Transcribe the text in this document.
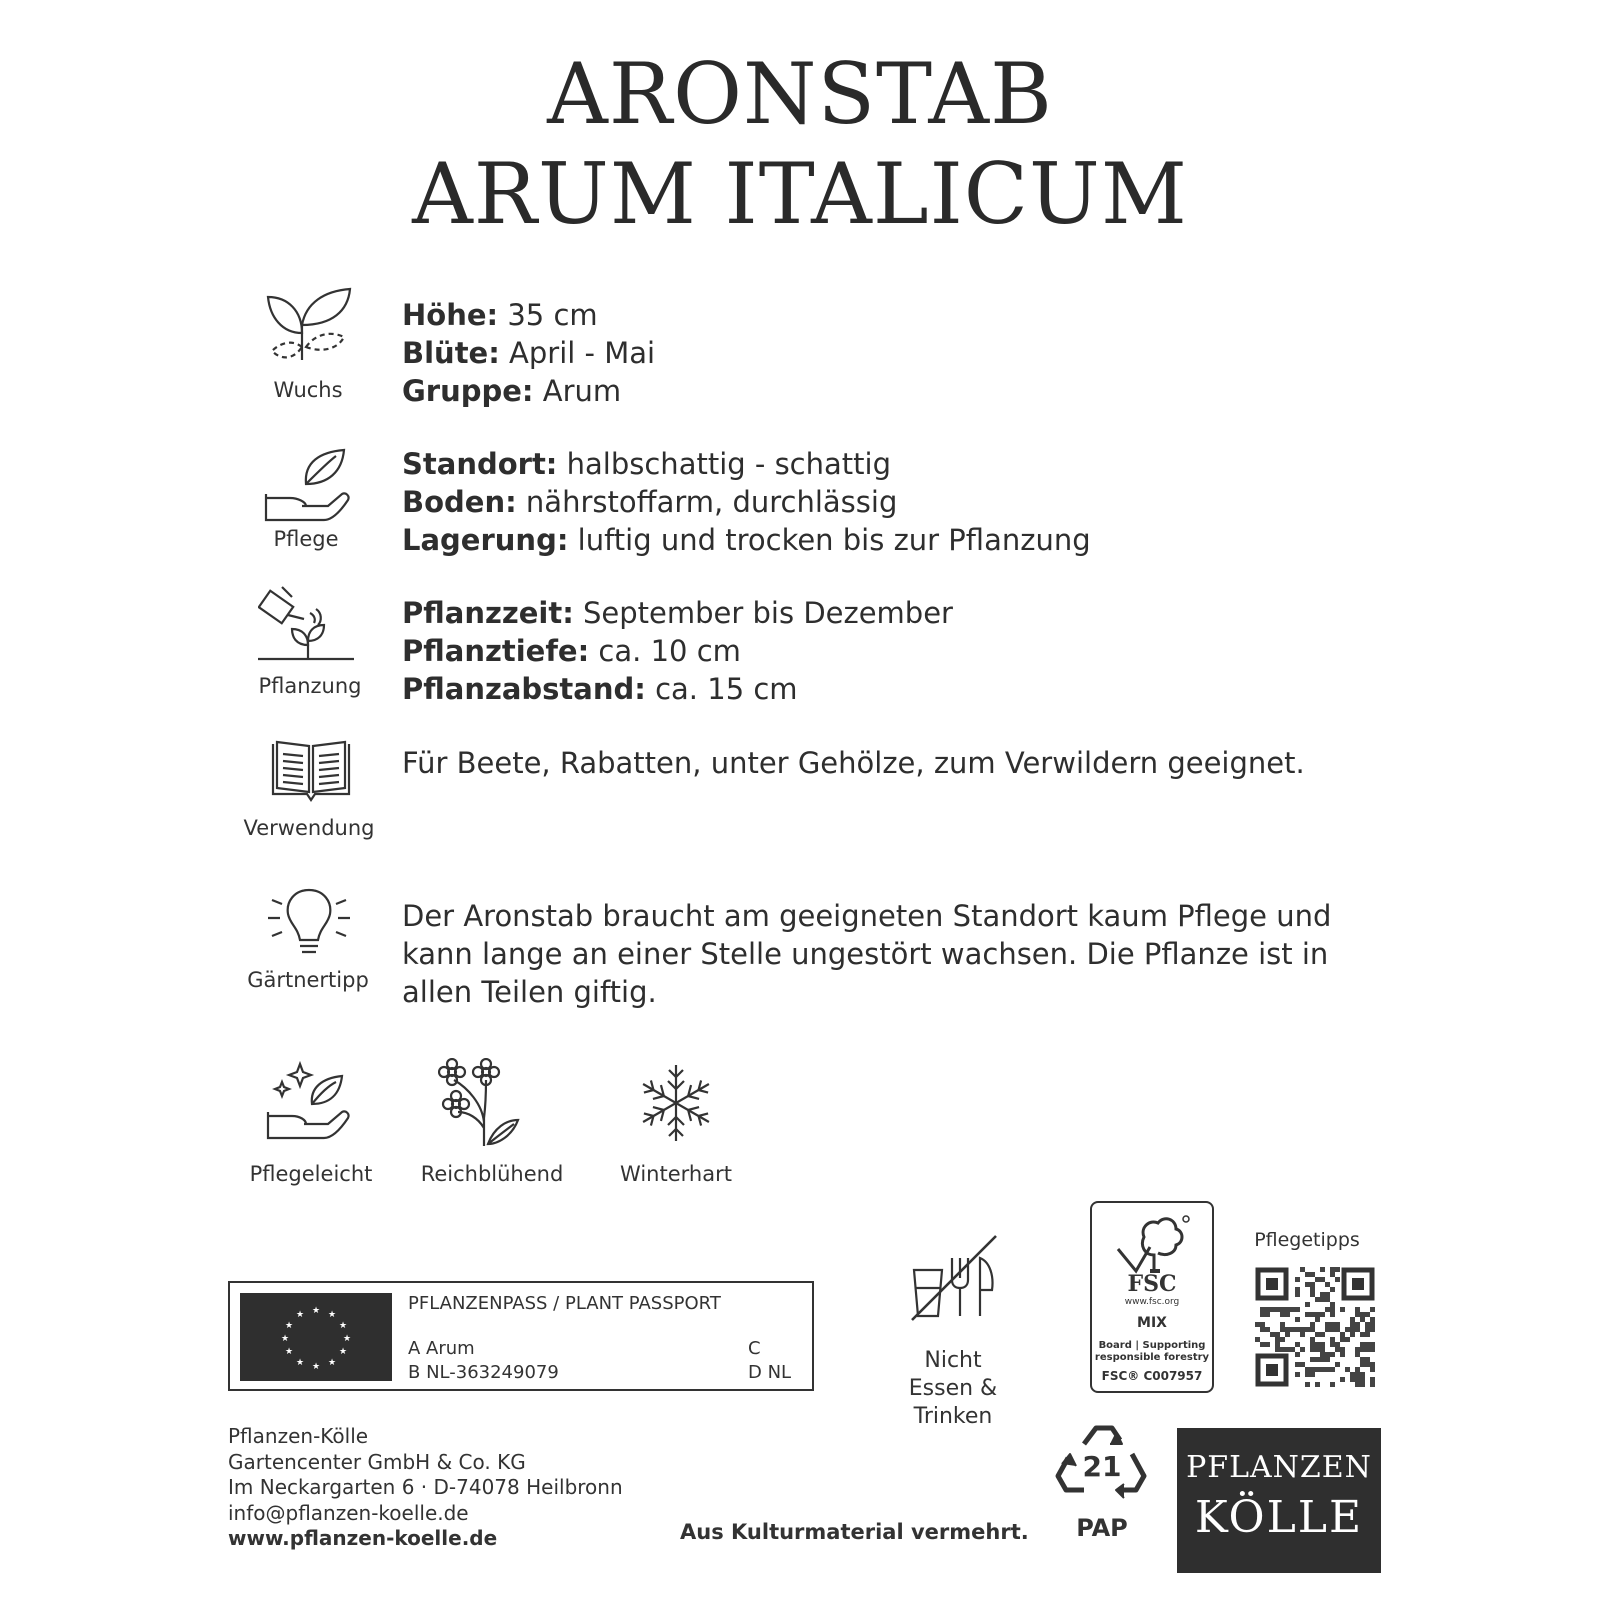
ARONSTAB
ARUM ITALICUM
Wuchs
Höhe: 35 cm
Blüte: April - Mai
Gruppe: Arum
Pflege
Standort: halbschattig - schattig
Boden: nährstoffarm, durchlässig
Lagerung: luftig und trocken bis zur Pflanzung
Pflanzung
Pflanzzeit: September bis Dezember
Pflanztiefe: ca. 10 cm
Pflanzabstand: ca. 15 cm
Verwendung
Für Beete, Rabatten, unter Gehölze, zum Verwildern geeignet.
Gärtnertipp
Der Aronstab braucht am geeigneten Standort kaum Pflege und kann lange an einer Stelle ungestört wachsen. Die Pflanze ist in allen Teilen giftig.
Pflegeleicht	Reichblühend	Winterhart
★ ★
★
★
★
★
★
★
★
★
★
★
PFLANZENPASS / PLANT PASSPORT
A Arum
B NL-363249079
C
D NL	Nicht
Essen & Trinken
FSC
www.fsc.org
MIX
Board | Supporting
responsible forestry
FSC® C007957
Pflegetipps
Pflanzen-Kölle
Gartencenter GmbH & Co. KG
Im Neckargarten 6 · D-74078 Heilbronn
info@pflanzen-koelle.de
www.pflanzen-koelle.de	Aus Kulturmaterial vermehrt.
21
PAP
PFLANZEN
KÖLLE
